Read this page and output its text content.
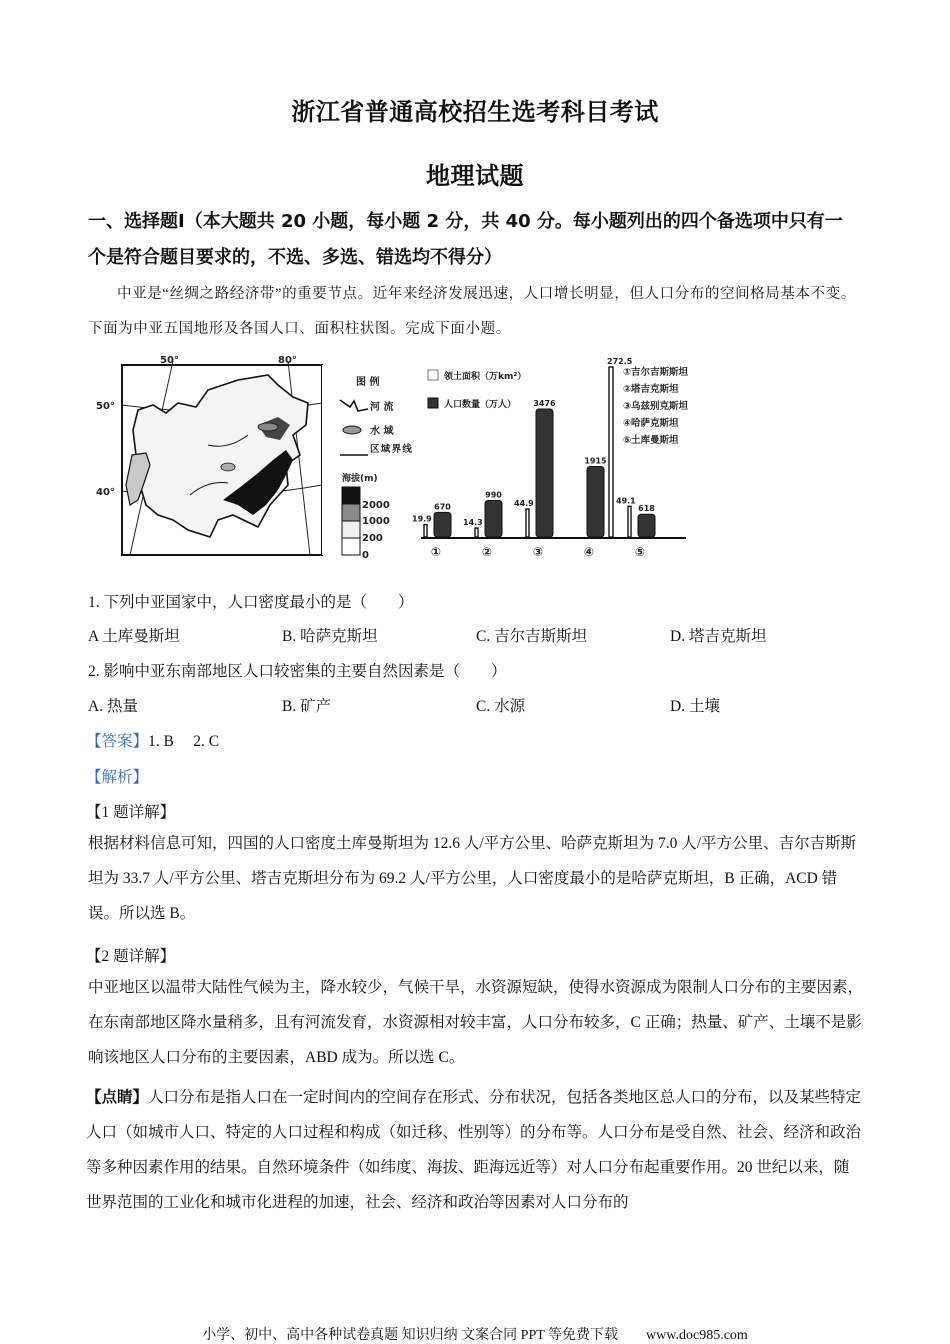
浙江省普通高校招生选考科目考试
地理试题
一、选择题Ⅰ（本大题共 20 小题，每小题 2 分，共 40 分。每小题列出的四个备选项中只有一
个是符合题目要求的，不选、多选、错选均不得分）
中亚是“丝绸之路经济带”的重要节点。近年来经济发展迅速，人口增长明显，但人口分布的空间格局基本不变。下面为中亚五国地形及各国人口、面积柱状图。完成下面小题。
50°	80°
50°
40°
图 例
河 流
水 域
区 域 界 线
海拔(m)
2000
1000
200
0
领土面积（万km²）
人口数量（万人）
①吉尔吉斯斯坦
②塔吉克斯坦
③乌兹别克斯坦
④哈萨克斯坦
⑤土库曼斯坦
19.9
670
①
14.3
990
②
44.9
3476
③
272.5
1915
④
49.1
618
⑤
1. 下列中亚国家中，人口密度最小的是（　　）
A 土库曼斯坦	B. 哈萨克斯坦	C. 吉尔吉斯斯坦	D. 塔吉克斯坦
2. 影响中亚东南部地区人口较密集的主要自然因素是（　　）
A. 热量	B. 矿产	C. 水源	D. 土壤
【答案】1. B　 2. C
【解析】
【1 题详解】
根据材料信息可知，四国的人口密度土库曼斯坦为 12.6 人/平方公里、哈萨克斯坦为 7.0 人/平方公里、吉尔吉斯斯坦为 33.7 人/平方公里、塔吉克斯坦分布为 69.2 人/平方公里，人口密度最小的是哈萨克斯坦，B 正确，ACD 错误。所以选 B。
【2 题详解】
中亚地区以温带大陆性气候为主，降水较少，气候干旱，水资源短缺，使得水资源成为限制人口分布的主要因素，在东南部地区降水量稍多，且有河流发育，水资源相对较丰富，人口分布较多，C 正确；热量、矿产、土壤不是影响该地区人口分布的主要因素，ABD 成为。所以选 C。
【点睛】人口分布是指人口在一定时间内的空间存在形式、分布状况，包括各类地区总人口的分布，以及某些特定人口（如城市人口、特定的人口过程和构成（如迁移、性别等）的分布等。人口分布是受自然、社会、经济和政治等多种因素作用的结果。自然环境条件（如纬度、海拔、距海远近等）对人口分布起重要作用。20 世纪以来，随世界范围的工业化和城市化进程的加速，社会、经济和政治等因素对人口分布的
小学、初中、高中各种试卷真题 知识归纳 文案合同 PPT 等免费下载　　www.doc985.com
